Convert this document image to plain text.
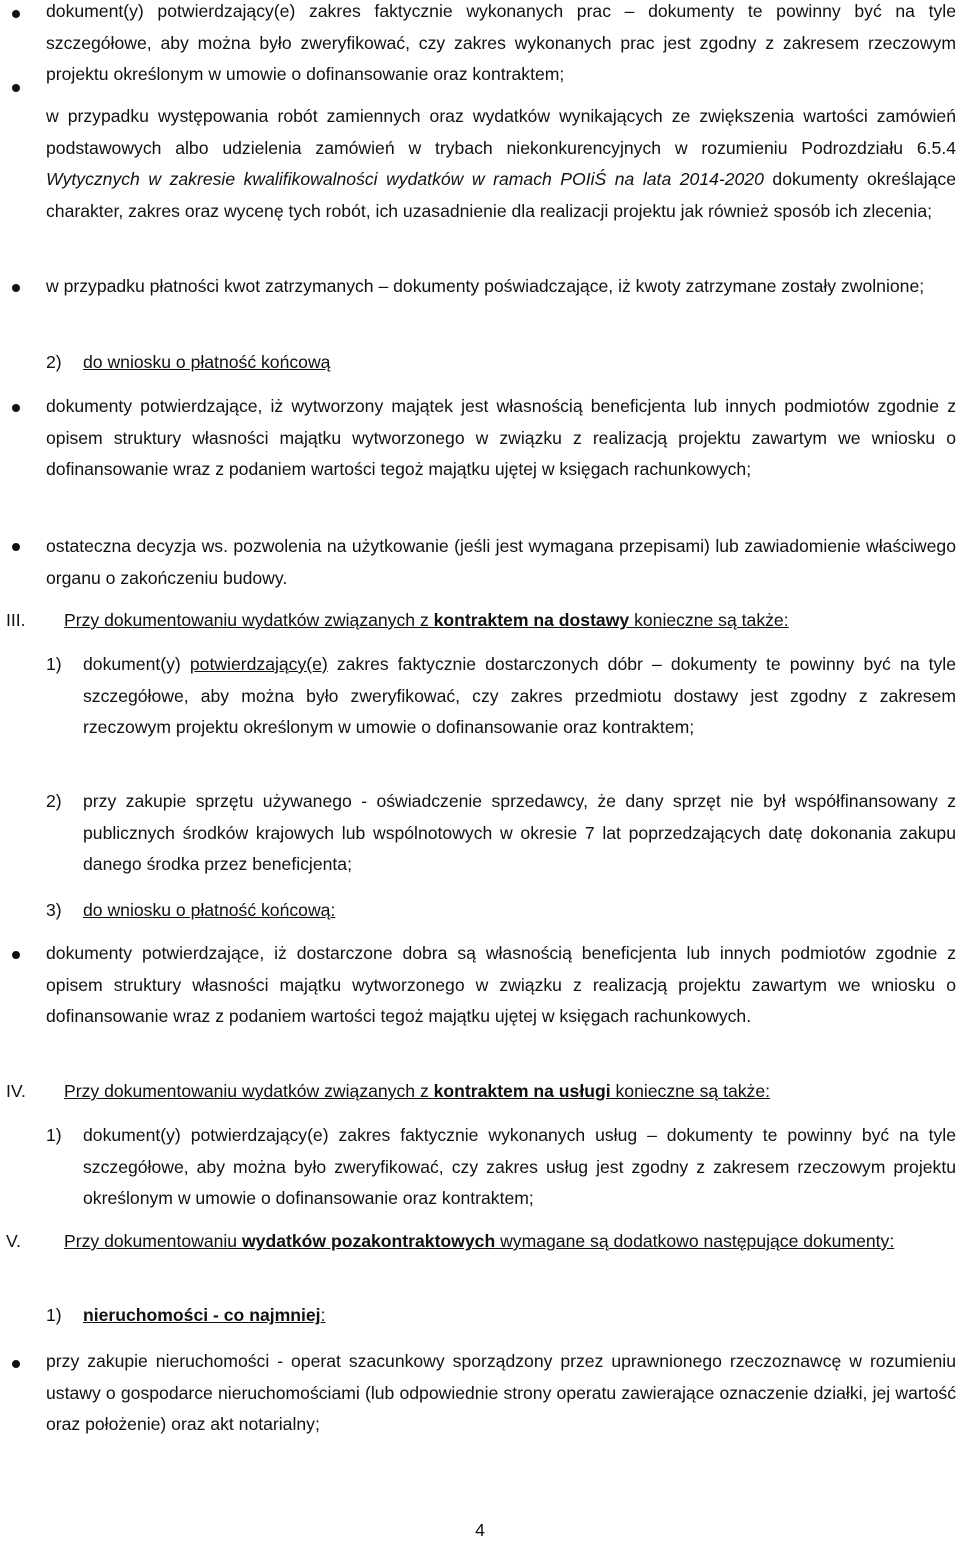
dokument(y) potwierdzający(e) zakres faktycznie wykonanych prac – dokumenty te powinny być na tyle szczegółowe, aby można było zweryfikować, czy zakres wykonanych prac jest zgodny z zakresem rzeczowym projektu określonym w umowie o dofinansowanie oraz kontraktem;
w przypadku występowania robót zamiennych oraz wydatków wynikających ze zwiększenia wartości zamówień podstawowych albo udzielenia zamówień w trybach niekonkurencyjnych w rozumieniu Podrozdziału 6.5.4 Wytycznych w zakresie kwalifikowalności wydatków w ramach POIiŚ na lata 2014-2020 dokumenty określające charakter, zakres oraz wycenę tych robót, ich uzasadnienie dla realizacji projektu jak również sposób ich zlecenia;
w przypadku płatności kwot zatrzymanych – dokumenty poświadczające, iż kwoty zatrzymane zostały zwolnione;
2) do wniosku o płatność końcową
dokumenty potwierdzające, iż wytworzony majątek jest własnością beneficjenta lub innych podmiotów zgodnie z opisem struktury własności majątku wytworzonego w związku z realizacją projektu zawartym we wniosku o dofinansowanie wraz z podaniem wartości tegoż majątku ujętej w księgach rachunkowych;
ostateczna decyzja ws. pozwolenia na użytkowanie (jeśli jest wymagana przepisami) lub zawiadomienie właściwego organu o zakończeniu budowy.
III. Przy dokumentowaniu wydatków związanych z kontraktem na dostawy konieczne są także:
1) dokument(y) potwierdzający(e) zakres faktycznie dostarczonych dóbr – dokumenty te powinny być na tyle szczegółowe, aby można było zweryfikować, czy zakres przedmiotu dostawy jest zgodny z zakresem rzeczowym projektu określonym w umowie o dofinansowanie oraz kontraktem;
2) przy zakupie sprzętu używanego - oświadczenie sprzedawcy, że dany sprzęt nie był współfinansowany z publicznych środków krajowych lub wspólnotowych w okresie 7 lat poprzedzających datę dokonania zakupu danego środka przez beneficjenta;
3) do wniosku o płatność końcową:
dokumenty potwierdzające, iż dostarczone dobra są własnością beneficjenta lub innych podmiotów zgodnie z opisem struktury własności majątku wytworzonego w związku z realizacją projektu zawartym we wniosku o dofinansowanie wraz z podaniem wartości tegoż majątku ujętej w księgach rachunkowych.
IV. Przy dokumentowaniu wydatków związanych z kontraktem na usługi konieczne są także:
1) dokument(y) potwierdzający(e) zakres faktycznie wykonanych usług – dokumenty te powinny być na tyle szczegółowe, aby można było zweryfikować, czy zakres usług jest zgodny z zakresem rzeczowym projektu określonym w umowie o dofinansowanie oraz kontraktem;
V. Przy dokumentowaniu wydatków pozakontraktowych wymagane są dodatkowo następujące dokumenty:
1) nieruchomości - co najmniej:
przy zakupie nieruchomości - operat szacunkowy sporządzony przez uprawnionego rzeczoznawcę w rozumieniu ustawy o gospodarce nieruchomościami (lub odpowiednie strony operatu zawierające oznaczenie działki, jej wartość oraz położenie) oraz akt notarialny;
4
